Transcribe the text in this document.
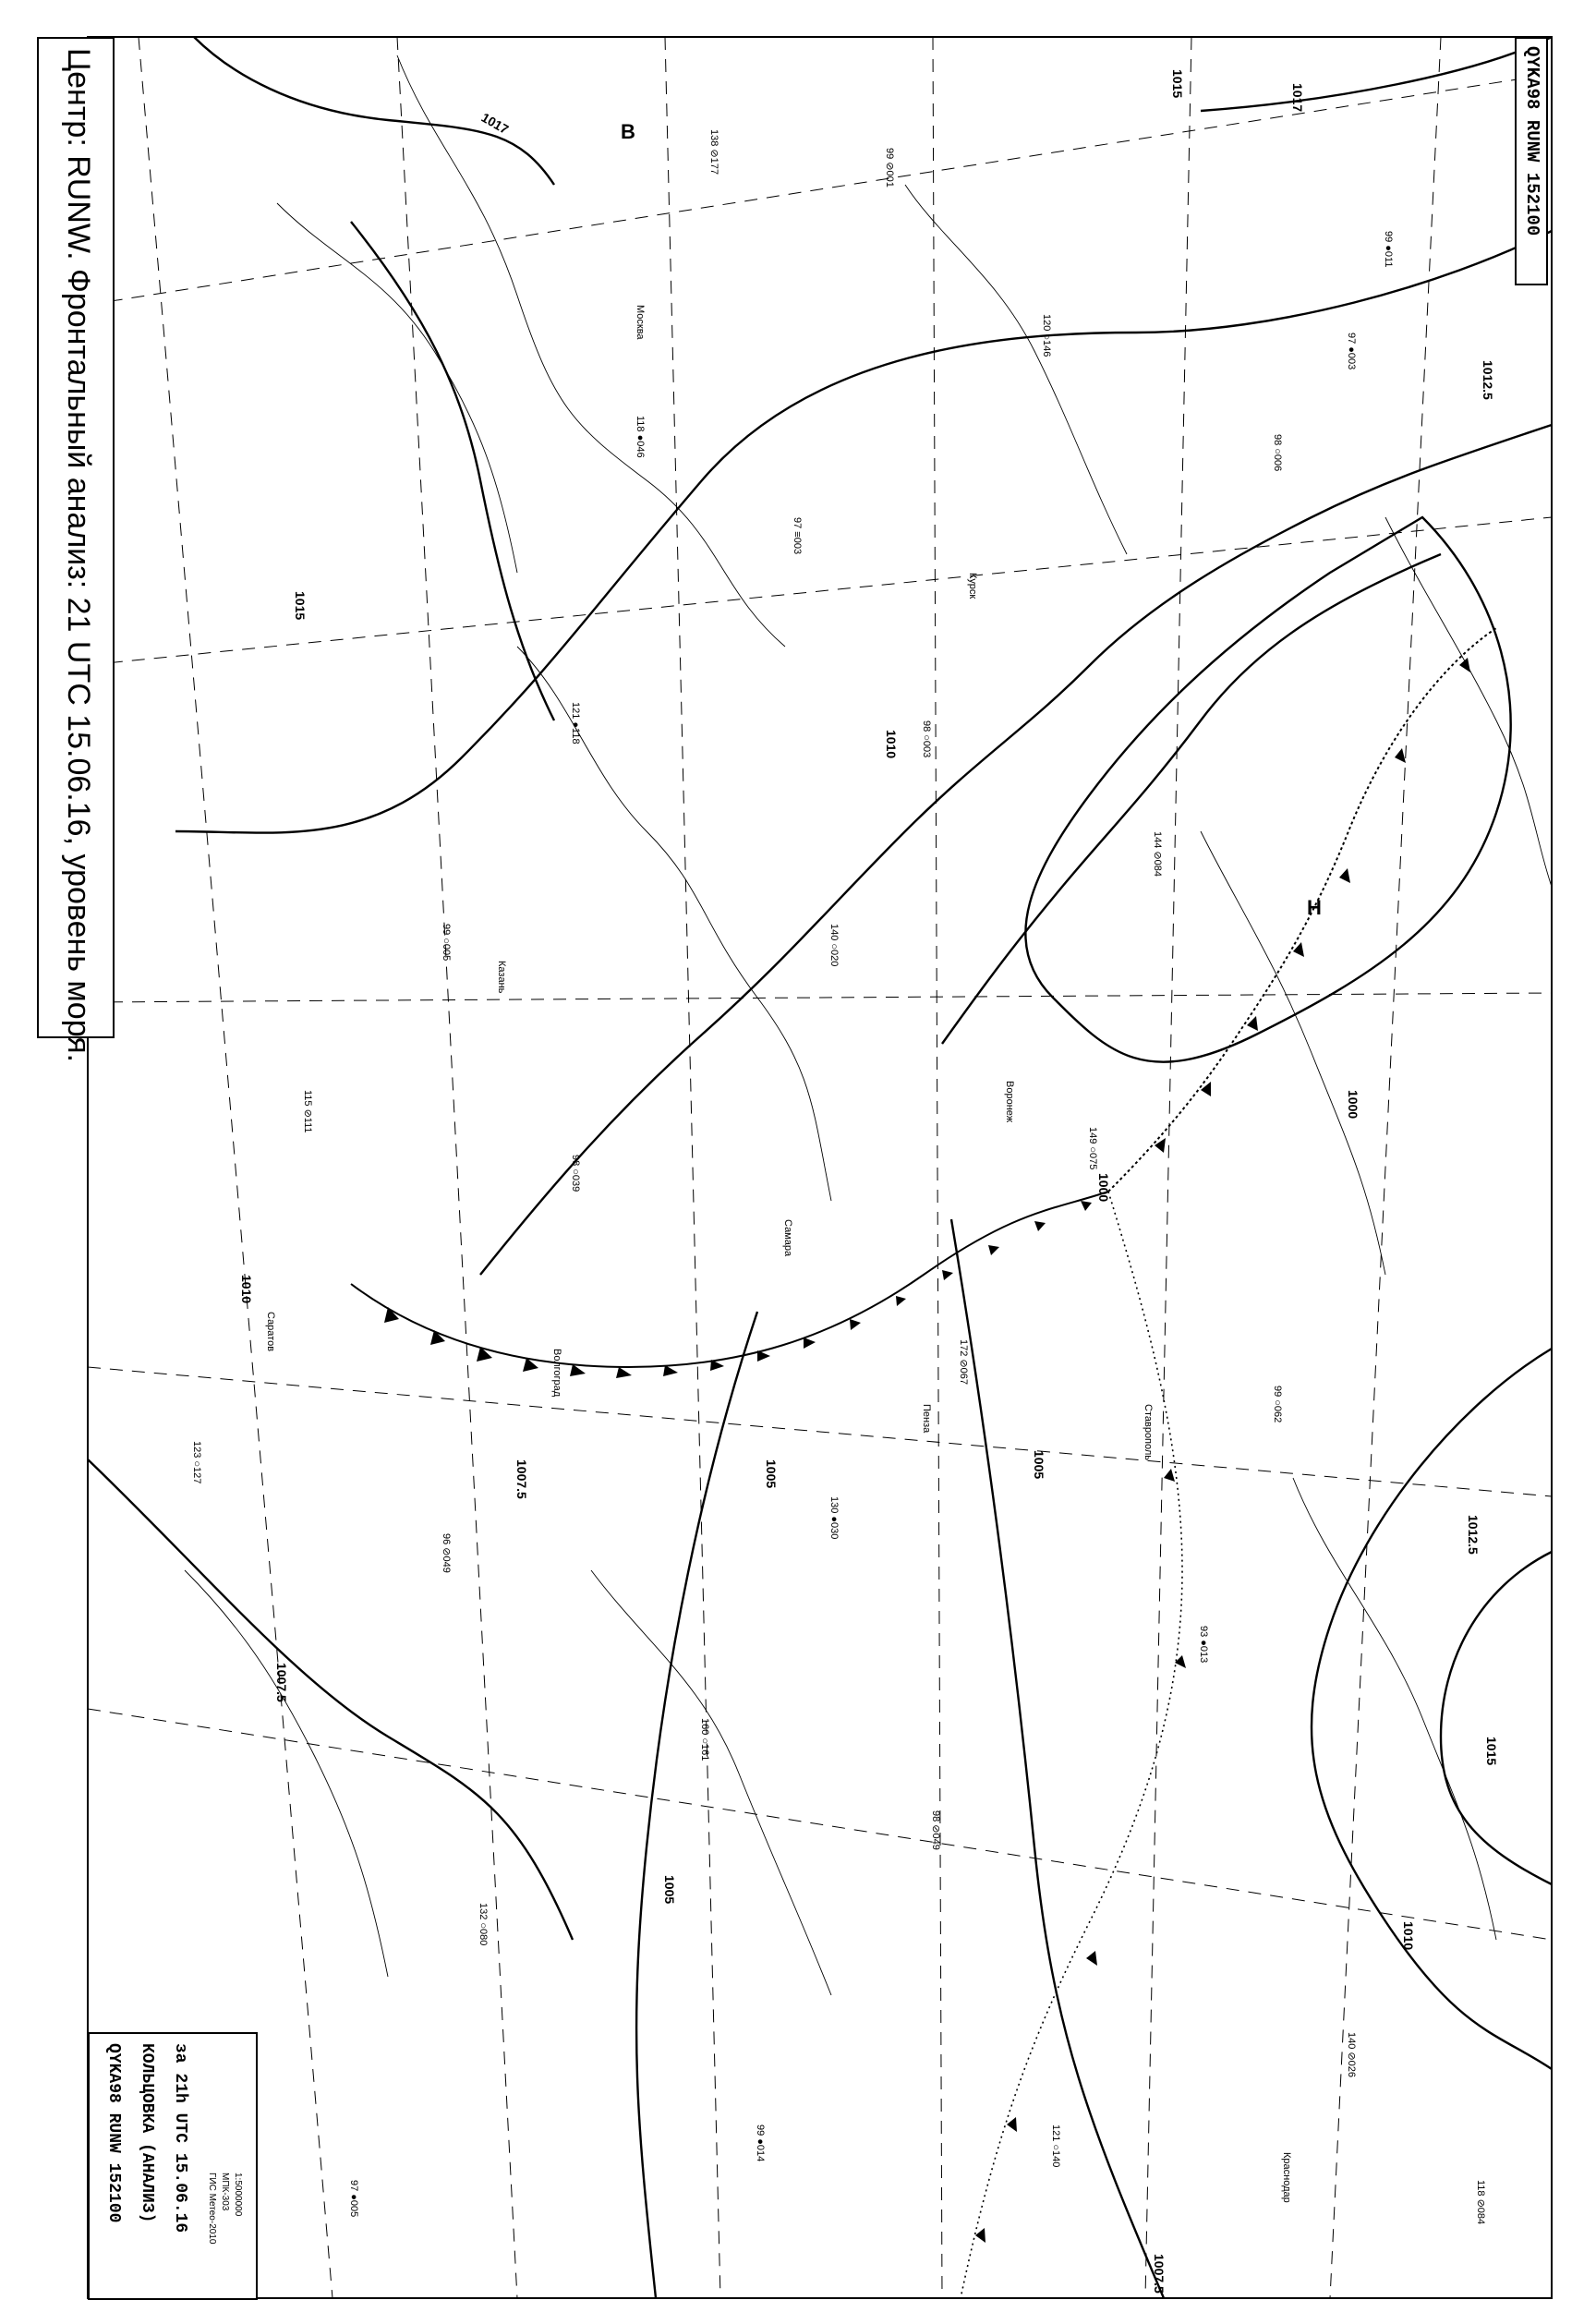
В
Н
1017
1015
1015
1012.5
1010
1010
1010
1007.5
1007.5
1007.5
1005
1005	1005
1000
1000
1012.5
1015
1017
99 ●011
97 ●003
98 ○006
138 ⊘177	99 ⊘001
120 ○146
118 ●046
97 ≡003
121 ●118	98 ○003
144 ⊘084
140 ○020
99 ○005
115 ⊘111
149 ○075
98 ○039
172 ⊘067
99 ○062
130 ●030
96 ⊘049
123 ○127
93 ●013
160 ○161
98 ⊘049
132 ○080
140 ⊘026
99 ●014	121 ○140
97 ●005	118 ⊘084
Ставрополь
Краснодар
Воронеж
Москва
Казань
Самара
Волгоград
Саратов
Пенза
Курск
Центр: RUNW. Фронтальный анализ: 21 UTC 15.06.16, уровень моря.	QYKA98 RUNW 152100
QYKA98 RUNW 152100 КОЛЬЦОВКА (АНАЛИЗ) за 21h UTC 15.06.16 ГИС Метео-2010 МПК-303 1:5000000
